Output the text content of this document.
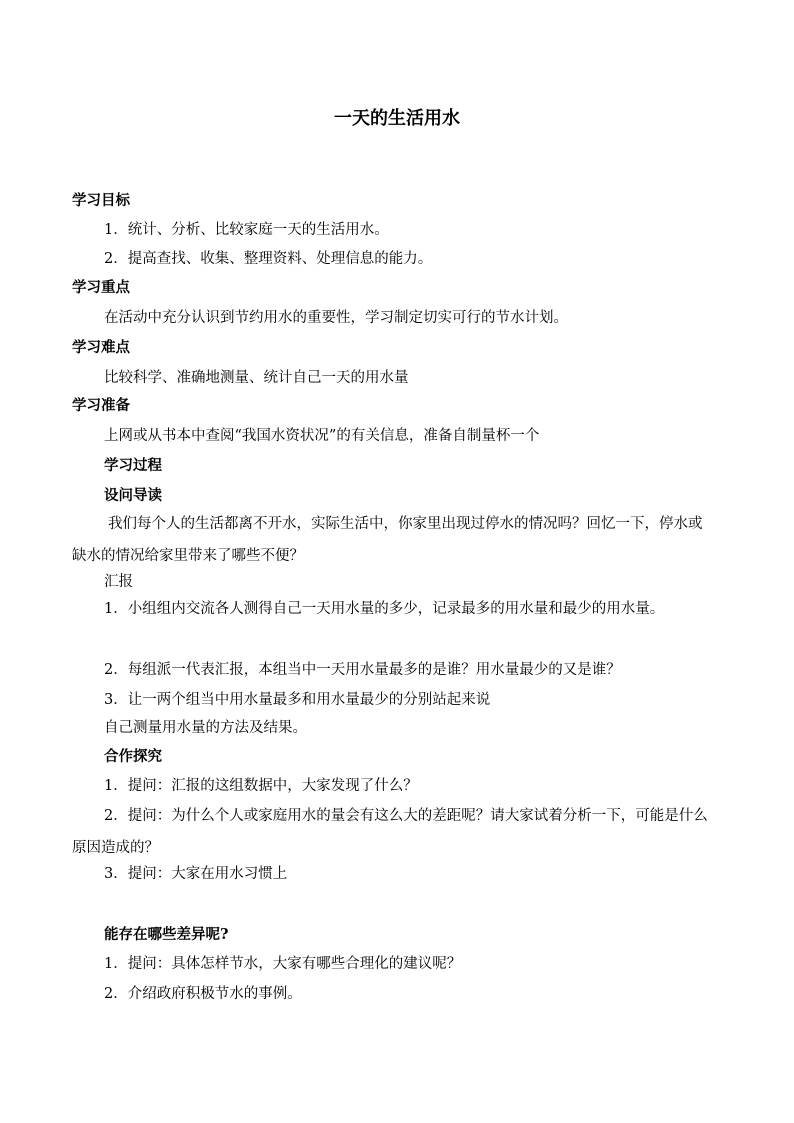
一天的生活用水
学习目标
1．统计、分析、比较家庭一天的生活用水。
2．提高查找、收集、整理资料、处理信息的能力。
学习重点
在活动中充分认识到节约用水的重要性，学习制定切实可行的节水计划。
学习难点
比较科学、准确地测量、统计自己一天的用水量
学习准备
上网或从书本中查阅“我国水资状况”的有关信息，准备自制量杯一个
学习过程
设问导读
我们每个人的生活都离不开水，实际生活中，你家里出现过停水的情况吗？回忆一下，停水或缺水的情况给家里带来了哪些不便？
汇报
1．小组组内交流各人测得自己一天用水量的多少，记录最多的用水量和最少的用水量。
2．每组派一代表汇报，本组当中一天用水量最多的是谁？用水量最少的又是谁？
3．让一两个组当中用水量最多和用水量最少的分别站起来说
自己测量用水量的方法及结果。
合作探究
1．提问：汇报的这组数据中，大家发现了什么？
2．提问：为什么个人或家庭用水的量会有这么大的差距呢？请大家试着分析一下，可能是什么原因造成的？
3．提问：大家在用水习惯上
能存在哪些差异呢?
1．提问：具体怎样节水，大家有哪些合理化的建议呢？
2．介绍政府积极节水的事例。
